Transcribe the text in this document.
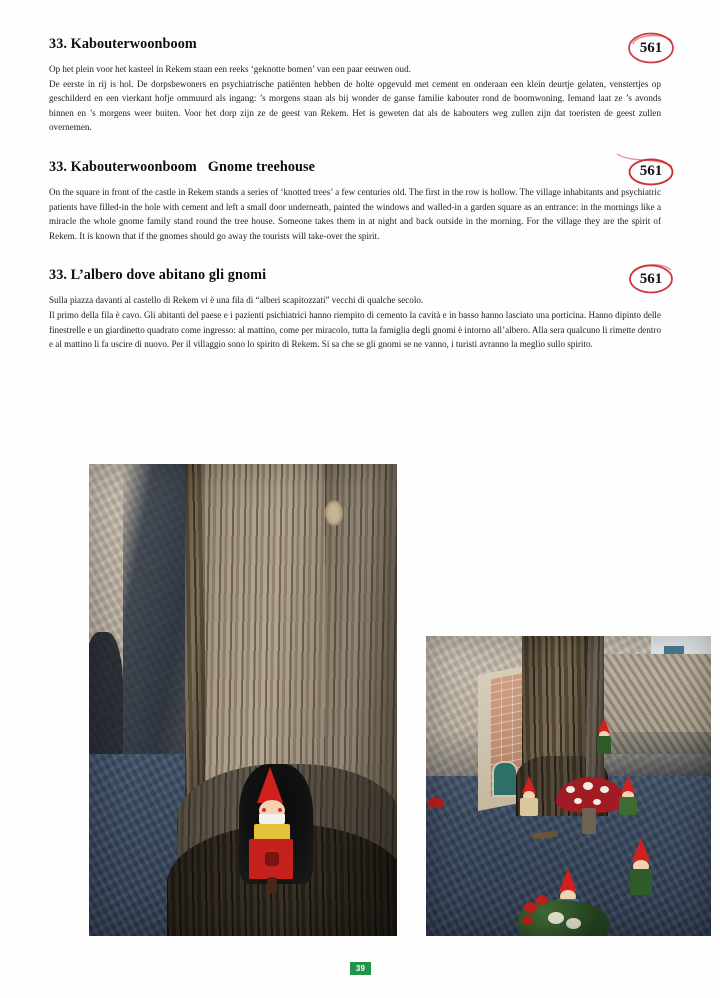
561
33. Kabouterwoonboom

Op het plein voor het kasteel in Rekem staan een reeks ‘geknotte bomen’ van een paar eeuwen oud.
De eerste in rij is hol. De dorpsbewoners en psychiatrische patiënten hebben de holte opgevuld met cement en onderaan een klein deurtje gelaten, venstertjes op geschilderd en een vierkant hofje ommuurd als ingang: ’s morgens staan als bij wonder de ganse familie kabouter rond de boomwoning. Iemand laat ze ’s avonds binnen en ’s morgens weer buiten. Voor het dorp zijn ze de geest van Rekem. Het is geweten dat als de kabouters weg zullen zijn dat toeristen de geest zullen overnemen.

561
33. Kabouterwoonboom Gnome treehouse

On the square in front of the castle in Rekem stands a series of ‘knotted trees’ a few centuries old. The first in the row is hollow. The village inhabitants and psychiatric patients have filled-in the hole with cement and left a small door underneath, painted the windows and walled-in a garden square as an entrance: in the mornings like a miracle the whole gnome family stand round the tree house. Someone takes them in at night and back outside in the morning. For the village they are the spirit of Rekem. It is known that if the gnomes should go away the tourists will take-over the spirit.

561
33. L’albero dove abitano gli gnomi

Sulla piazza davanti al castello di Rekem vi è una fila di “alberi scapitozzati” vecchi di qualche secolo.
Il primo della fila è cavo. Gli abitanti del paese e i pazienti psichiatrici hanno riempito di cemento la cavità e in basso hanno lasciato una porticina. Hanno dipinto delle finestrelle e un giardinetto quadrato come ingresso: al mattino, come per miracolo, tutta la famiglia degli gnomi è intorno all’albero. Alla sera qualcuno li rimette dentro e al mattino li fa uscire di nuovo. Per il villaggio sono lo spirito di Rekem. Si sa che se gli gnomi se ne vanno, i turisti avranno la meglio sullo spirito.

39
